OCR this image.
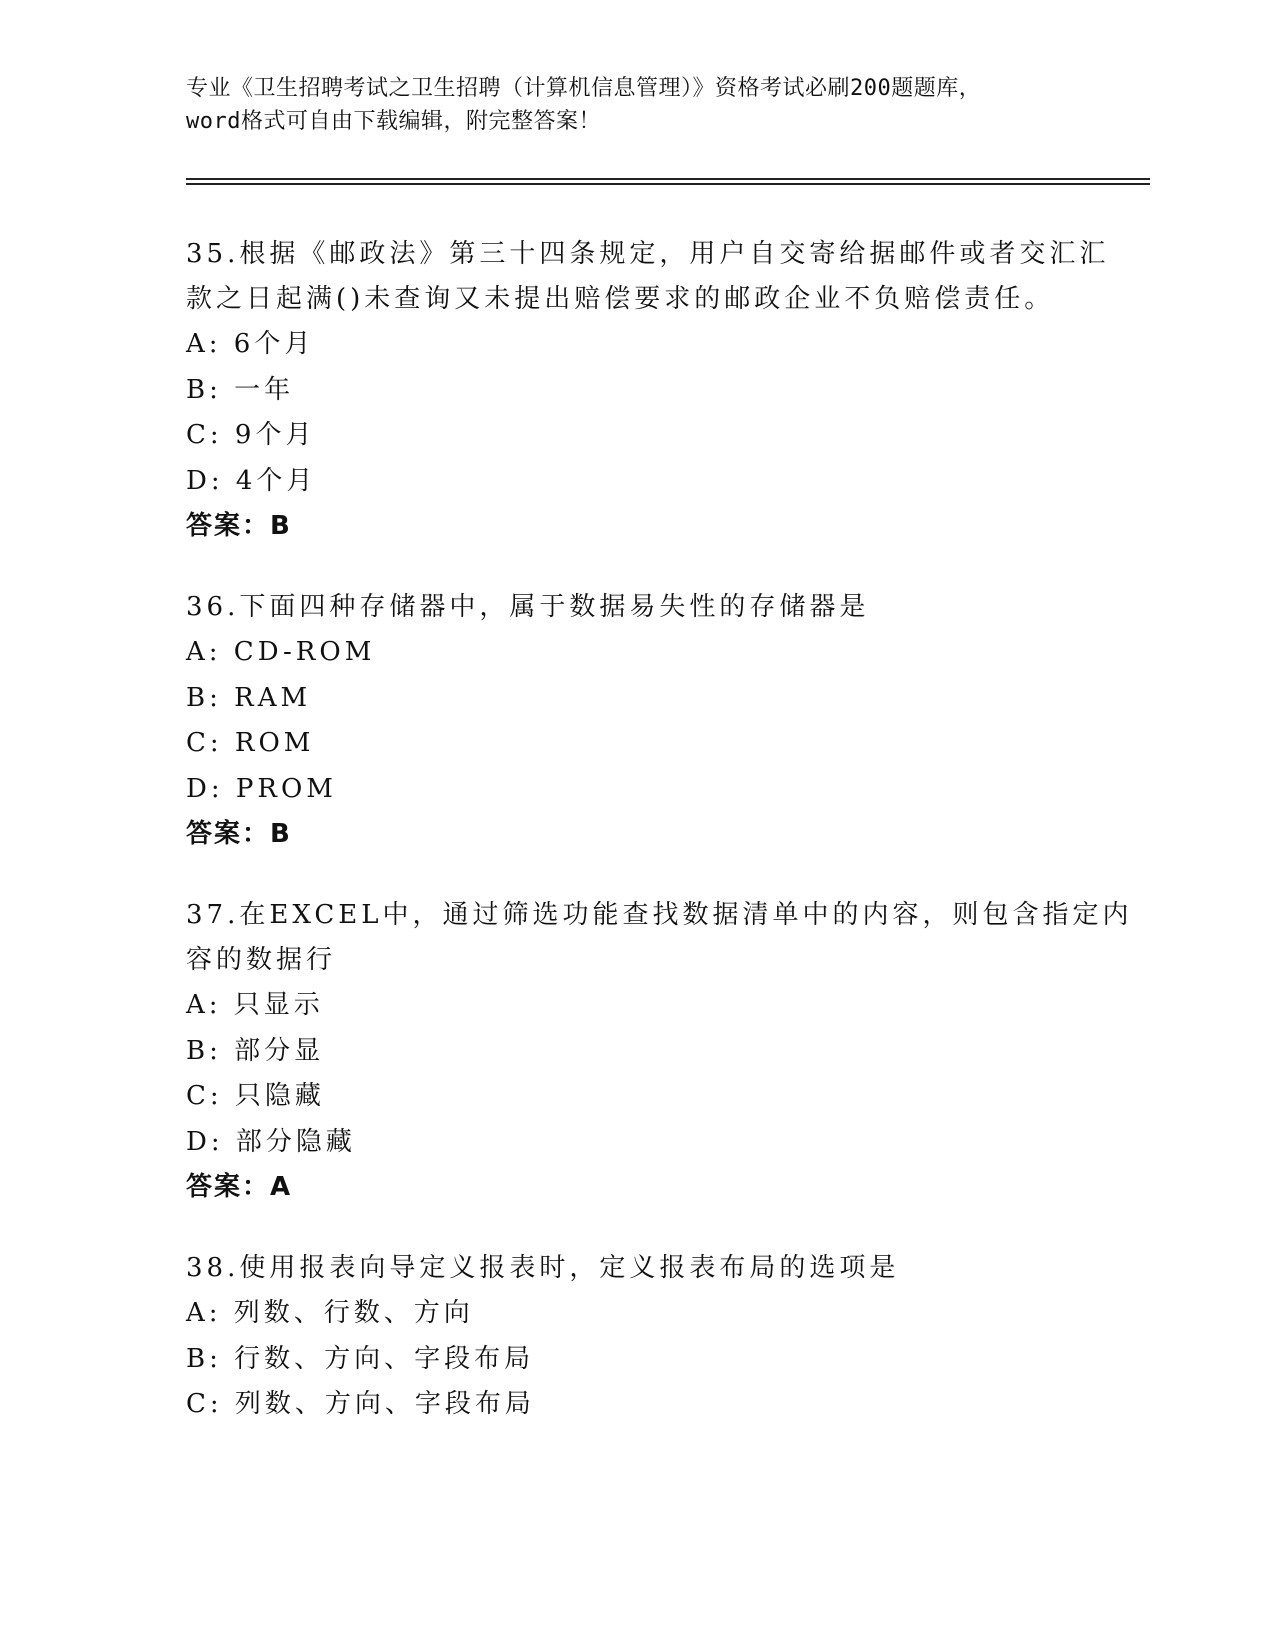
专业《卫生招聘考试之卫生招聘（计算机信息管理）》资格考试必刷200题题库，
word格式可自由下载编辑，附完整答案！
35.根据《邮政法》第三十四条规定，用户自交寄给据邮件或者交汇汇
款之日起满()未查询又未提出赔偿要求的邮政企业不负赔偿责任。
A: 6个月
B: 一年
C: 9个月
D: 4个月
答案：B
36.下面四种存储器中，属于数据易失性的存储器是
A: CD-ROM
B: RAM
C: ROM
D: PROM
答案：B
37.在EXCEL中，通过筛选功能查找数据清单中的内容，则包含指定内
容的数据行
A: 只显示
B: 部分显
C: 只隐藏
D: 部分隐藏
答案：A
38.使用报表向导定义报表时，定义报表布局的选项是
A: 列数、行数、方向
B: 行数、方向、字段布局
C: 列数、方向、字段布局
